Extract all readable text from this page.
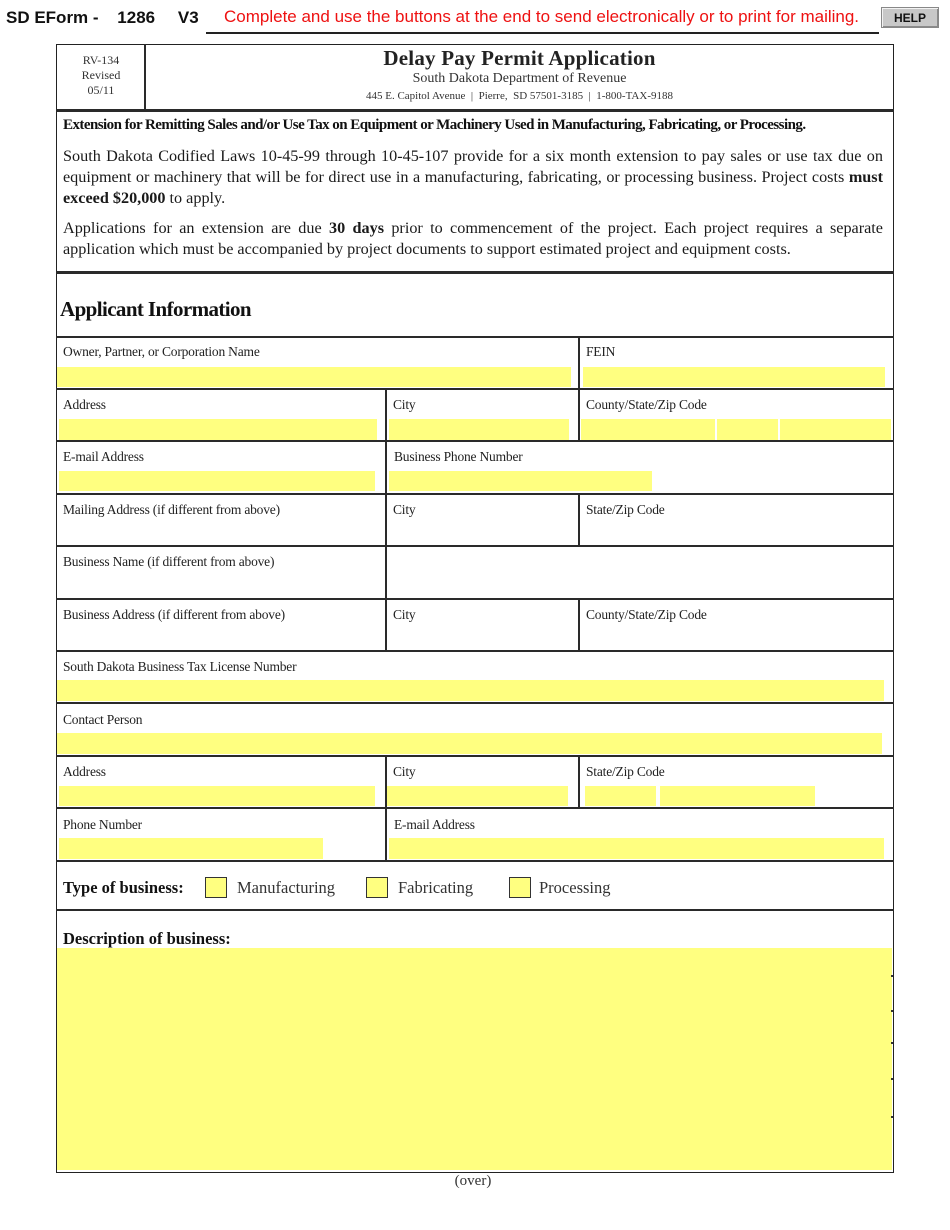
SD EForm - 1286 V3 Complete and use the buttons at the end to send electronically or to print for mailing.	HELP
RV-134
Revised
05/11
Delay Pay Permit Application
South Dakota Department of Revenue
445 E. Capitol Avenue  |  Pierre,  SD 57501-3185  |  1-800-TAX-9188
Extension for Remitting Sales and/or Use Tax on Equipment or Machinery Used in Manufacturing, Fabricating, or Processing.
South Dakota Codified Laws 10-45-99 through 10-45-107 provide for a six month extension to pay sales or use tax due on equipment or machinery that will be for direct use in a manufacturing, fabricating, or processing business. Project costs must exceed $20,000 to apply.
Applications for an extension are due 30 days prior to commencement of the project. Each project requires a separate application which must be accompanied by project documents to support estimated project and equipment costs.
Applicant Information
Owner, Partner, or Corporation Name	FEIN
Address	City	County/State/Zip Code
E-mail Address	Business Phone Number
Mailing Address (if different from above)	City	State/Zip Code
Business Name (if different from above)
Business Address (if different from above)	City	County/State/Zip Code
South Dakota Business Tax License Number
Contact Person
Address	City	State/Zip Code
Phone Number	E-mail Address
Type of business:	Manufacturing	Fabricating	Processing
Description of business:
(over)
